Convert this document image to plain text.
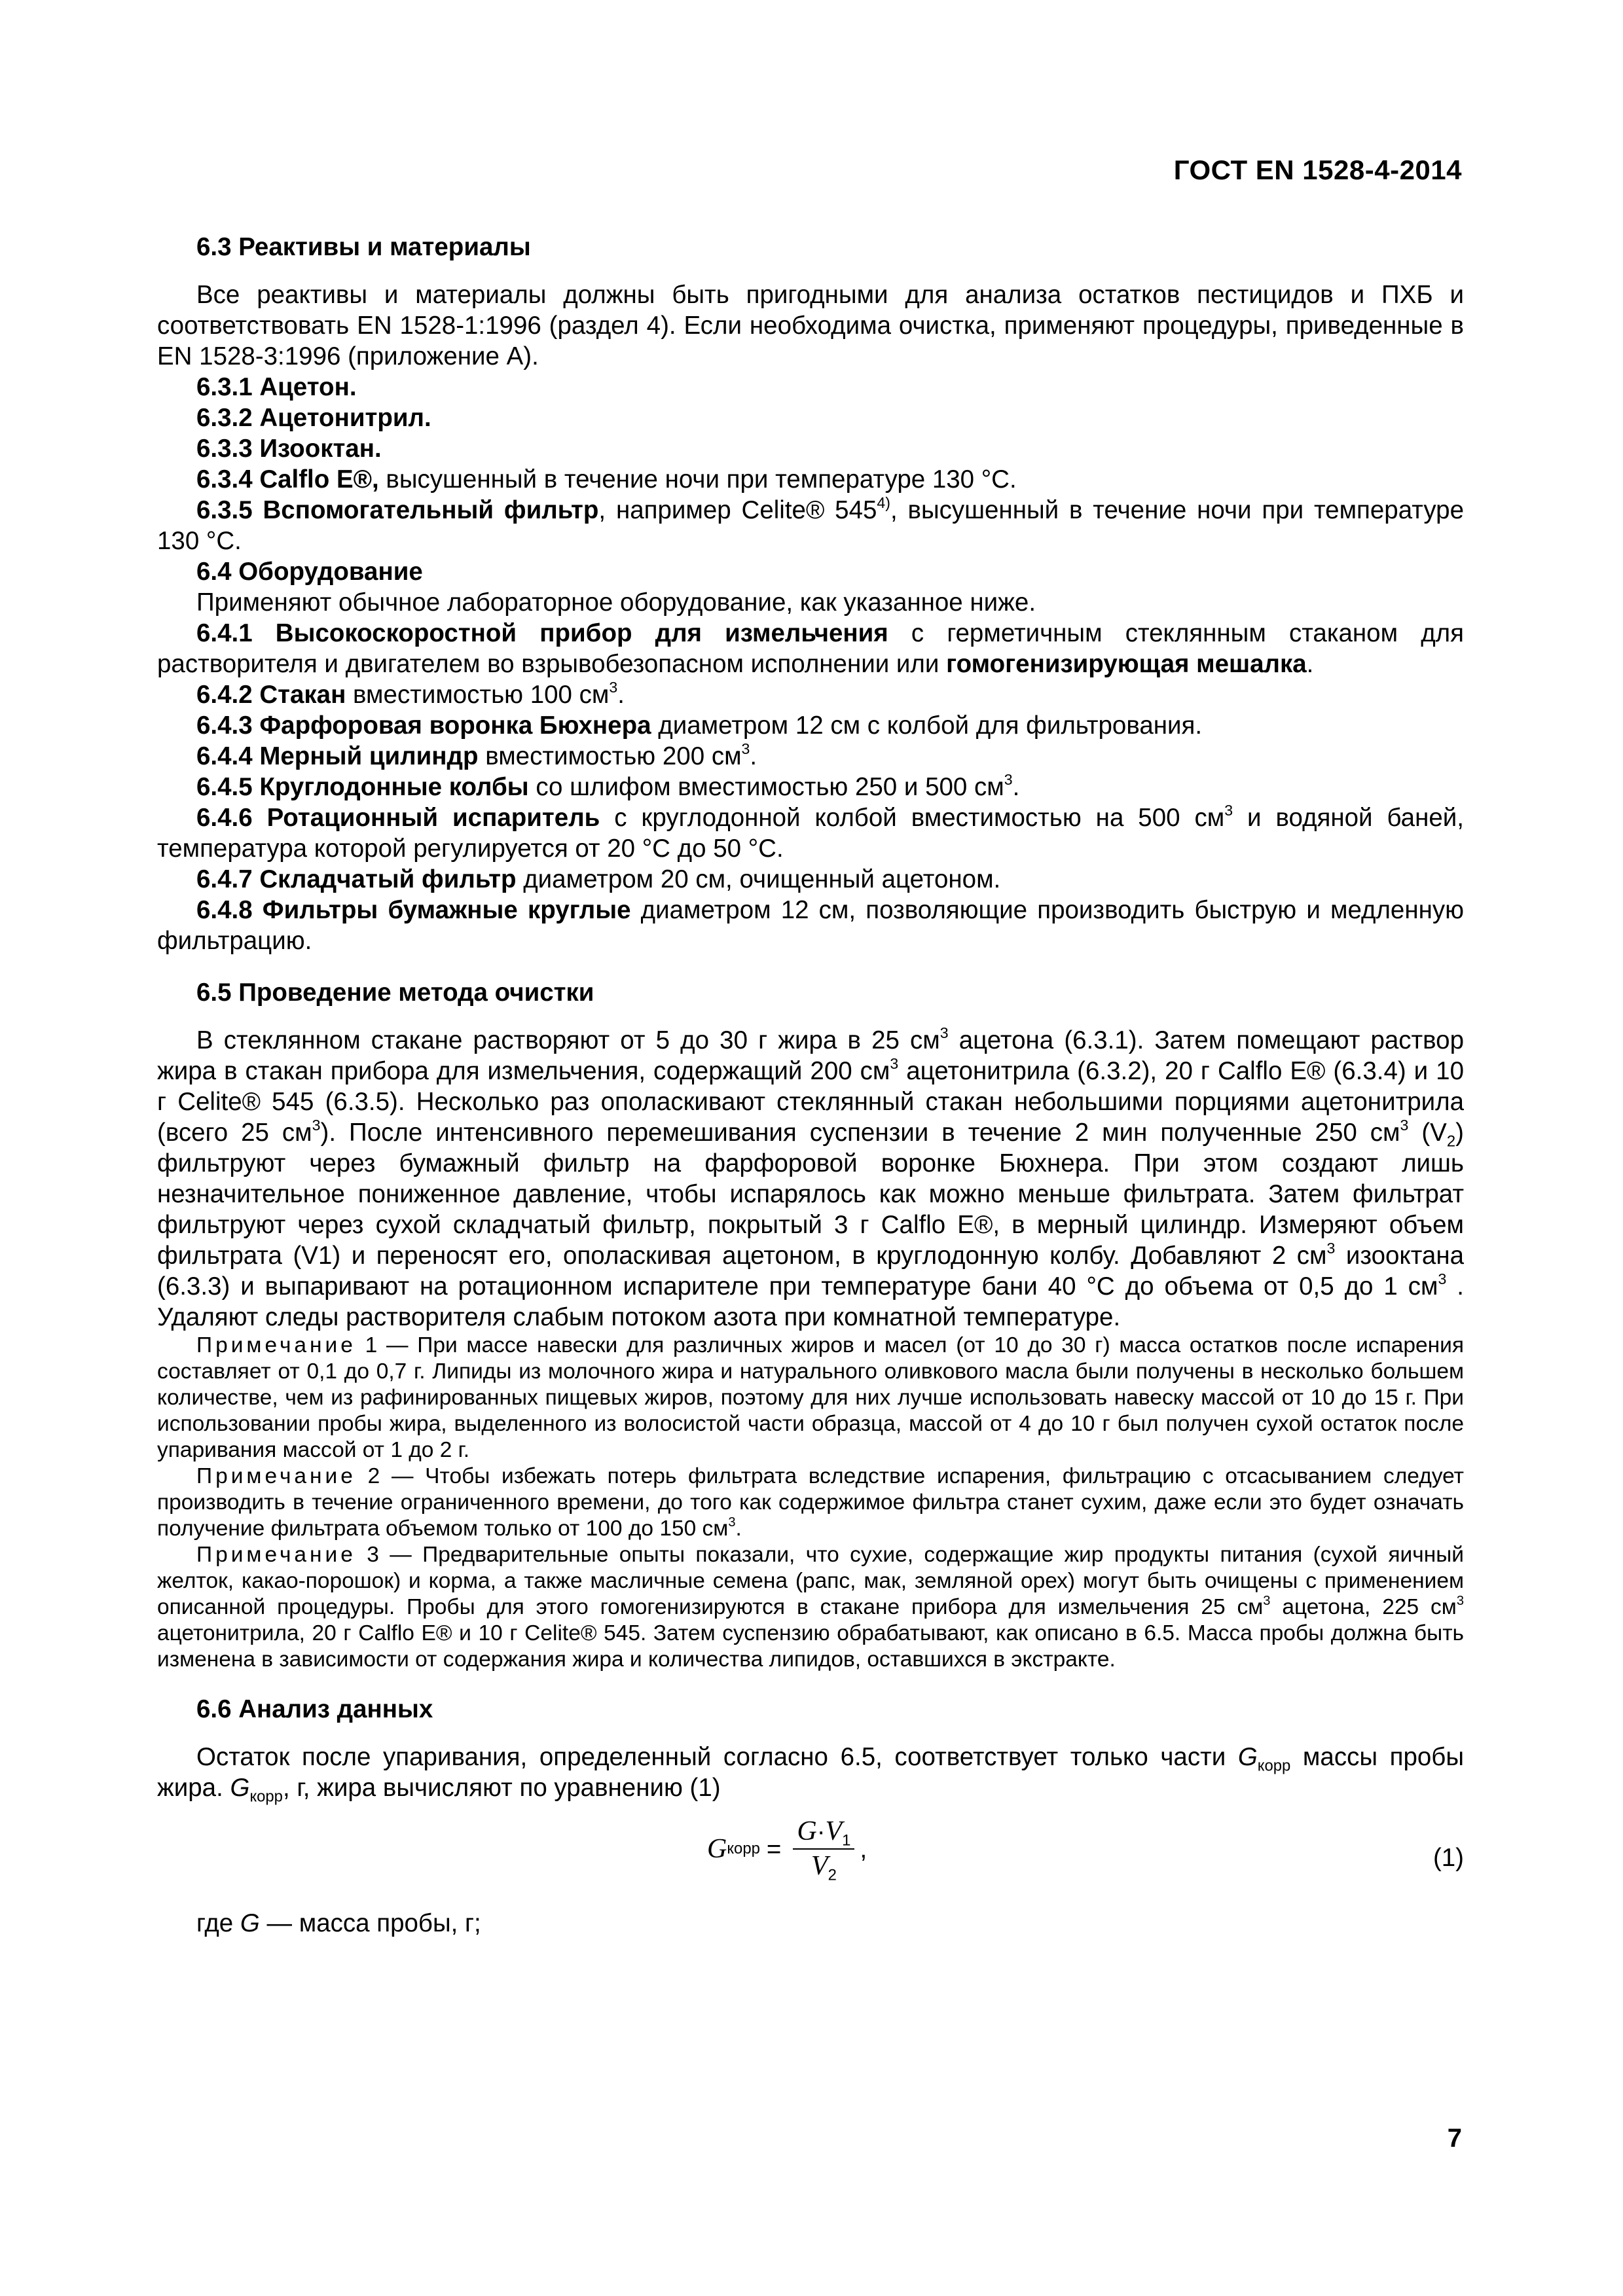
ГОСТ EN 1528-4-2014

6.3 Реактивы и материалы

Все реактивы и материалы должны быть пригодными для анализа остатков пестицидов и ПХБ и соответствовать EN 1528-1:1996 (раздел 4). Если необходима очистка, применяют процедуры, приведенные в EN 1528-3:1996 (приложение А).

6.3.1 Ацетон.

6.3.2 Ацетонитрил.

6.3.3 Изооктан.

6.3.4 Calflo E®, высушенный в течение ночи при температуре 130 °С.

6.3.5 Вспомогательный фильтр, например Celite® 545$^{4)}$, высушенный в течение ночи при температуре 130 °С.

6.4 Оборудование

Применяют обычное лабораторное оборудование, как указанное ниже.

6.4.1 Высокоскоростной прибор для измельчения с герметичным стеклянным стаканом для растворителя и двигателем во взрывобезопасном исполнении или гомогенизирующая мешалка.

6.4.2 Стакан вместимостью 100 $см^3$.

6.4.3 Фарфоровая воронка Бюхнера диаметром 12 см с колбой для фильтрования.

6.4.4 Мерный цилиндр вместимостью 200 $см^3$.

6.4.5 Круглодонные колбы со шлифом вместимостью 250 и 500 $см^3$.

6.4.6 Ротационный испаритель с круглодонной колбой вместимостью на 500 $см^3$ и водяной баней, температура которой регулируется от 20 °С до 50 °С.

6.4.7 Складчатый фильтр диаметром 20 см, очищенный ацетоном.

6.4.8 Фильтры бумажные круглые диаметром 12 см, позволяющие производить быструю и медленную фильтрацию.

6.5 Проведение метода очистки

В стеклянном стакане растворяют от 5 до 30 г жира в 25 $см^3$ ацетона (6.3.1). Затем помещают раствор жира в стакан прибора для измельчения, содержащий 200 $см^3$ ацетонитрила (6.3.2), 20 г Calflo E® (6.3.4) и 10 г Celite® 545 (6.3.5). Несколько раз ополаскивают стеклянный стакан небольшими порциями ацетонитрила (всего 25 $см^3$). После интенсивного перемешивания суспензии в течение 2 мин полученные 250 $см^3$ $(V_2)$ фильтруют через бумажный фильтр на фарфоровой воронке Бюхнера. При этом создают лишь незначительное пониженное давление, чтобы испарялось как можно меньше фильтрата. Затем фильтрат фильтруют через сухой складчатый фильтр, покрытый 3 г Calflo E®, в мерный цилиндр. Измеряют объем фильтрата (V1) и переносят его, ополаскивая ацетоном, в круглодонную колбу. Добавляют 2 $см^3$ изооктана (6.3.3) и выпаривают на ротационном испарителе при температуре бани 40 °С до объема от 0,5 до 1 $см^3$ . Удаляют следы растворителя слабым потоком азота при комнатной температуре.

Примечание 1 — При массе навески для различных жиров и масел (от 10 до 30 г) масса остатков после испарения составляет от 0,1 до 0,7 г. Липиды из молочного жира и натурального оливкового масла были получены в несколько большем количестве, чем из рафинированных пищевых жиров, поэтому для них лучше использовать навеску массой от 10 до 15 г. При использовании пробы жира, выделенного из волосистой части образца, массой от 4 до 10 г был получен сухой остаток после упаривания массой от 1 до 2 г.

Примечание 2 — Чтобы избежать потерь фильтрата вследствие испарения, фильтрацию с отсасыванием следует производить в течение ограниченного времени, до того как содержимое фильтра станет сухим, даже если это будет означать получение фильтрата объемом только от 100 до 150 $см^3$.

Примечание 3 — Предварительные опыты показали, что сухие, содержащие жир продукты питания (сухой яичный желток, какао-порошок) и корма, а также масличные семена (рапс, мак, земляной орех) могут быть очищены с применением описанной процедуры. Пробы для этого гомогенизируются в стакане прибора для измельчения 25 $см^3$ ацетона, 225 $см^3$ ацетонитрила, 20 г Calflo E® и 10 г Celite® 545. Затем суспензию обрабатывают, как описано в 6.5. Масса пробы должна быть изменена в зависимости от содержания жира и количества липидов, оставшихся в экстракте.

6.6 Анализ данных

Остаток после упаривания, определенный согласно 6.5, соответствует только части $G_{корр}$ массы пробы жира. $G_{корр}$, г, жира вычисляют по уравнению (1)

G корр = $\frac{G\cdot V_1}{V_2}$ ,	(1)

где G — масса пробы, г;

7
